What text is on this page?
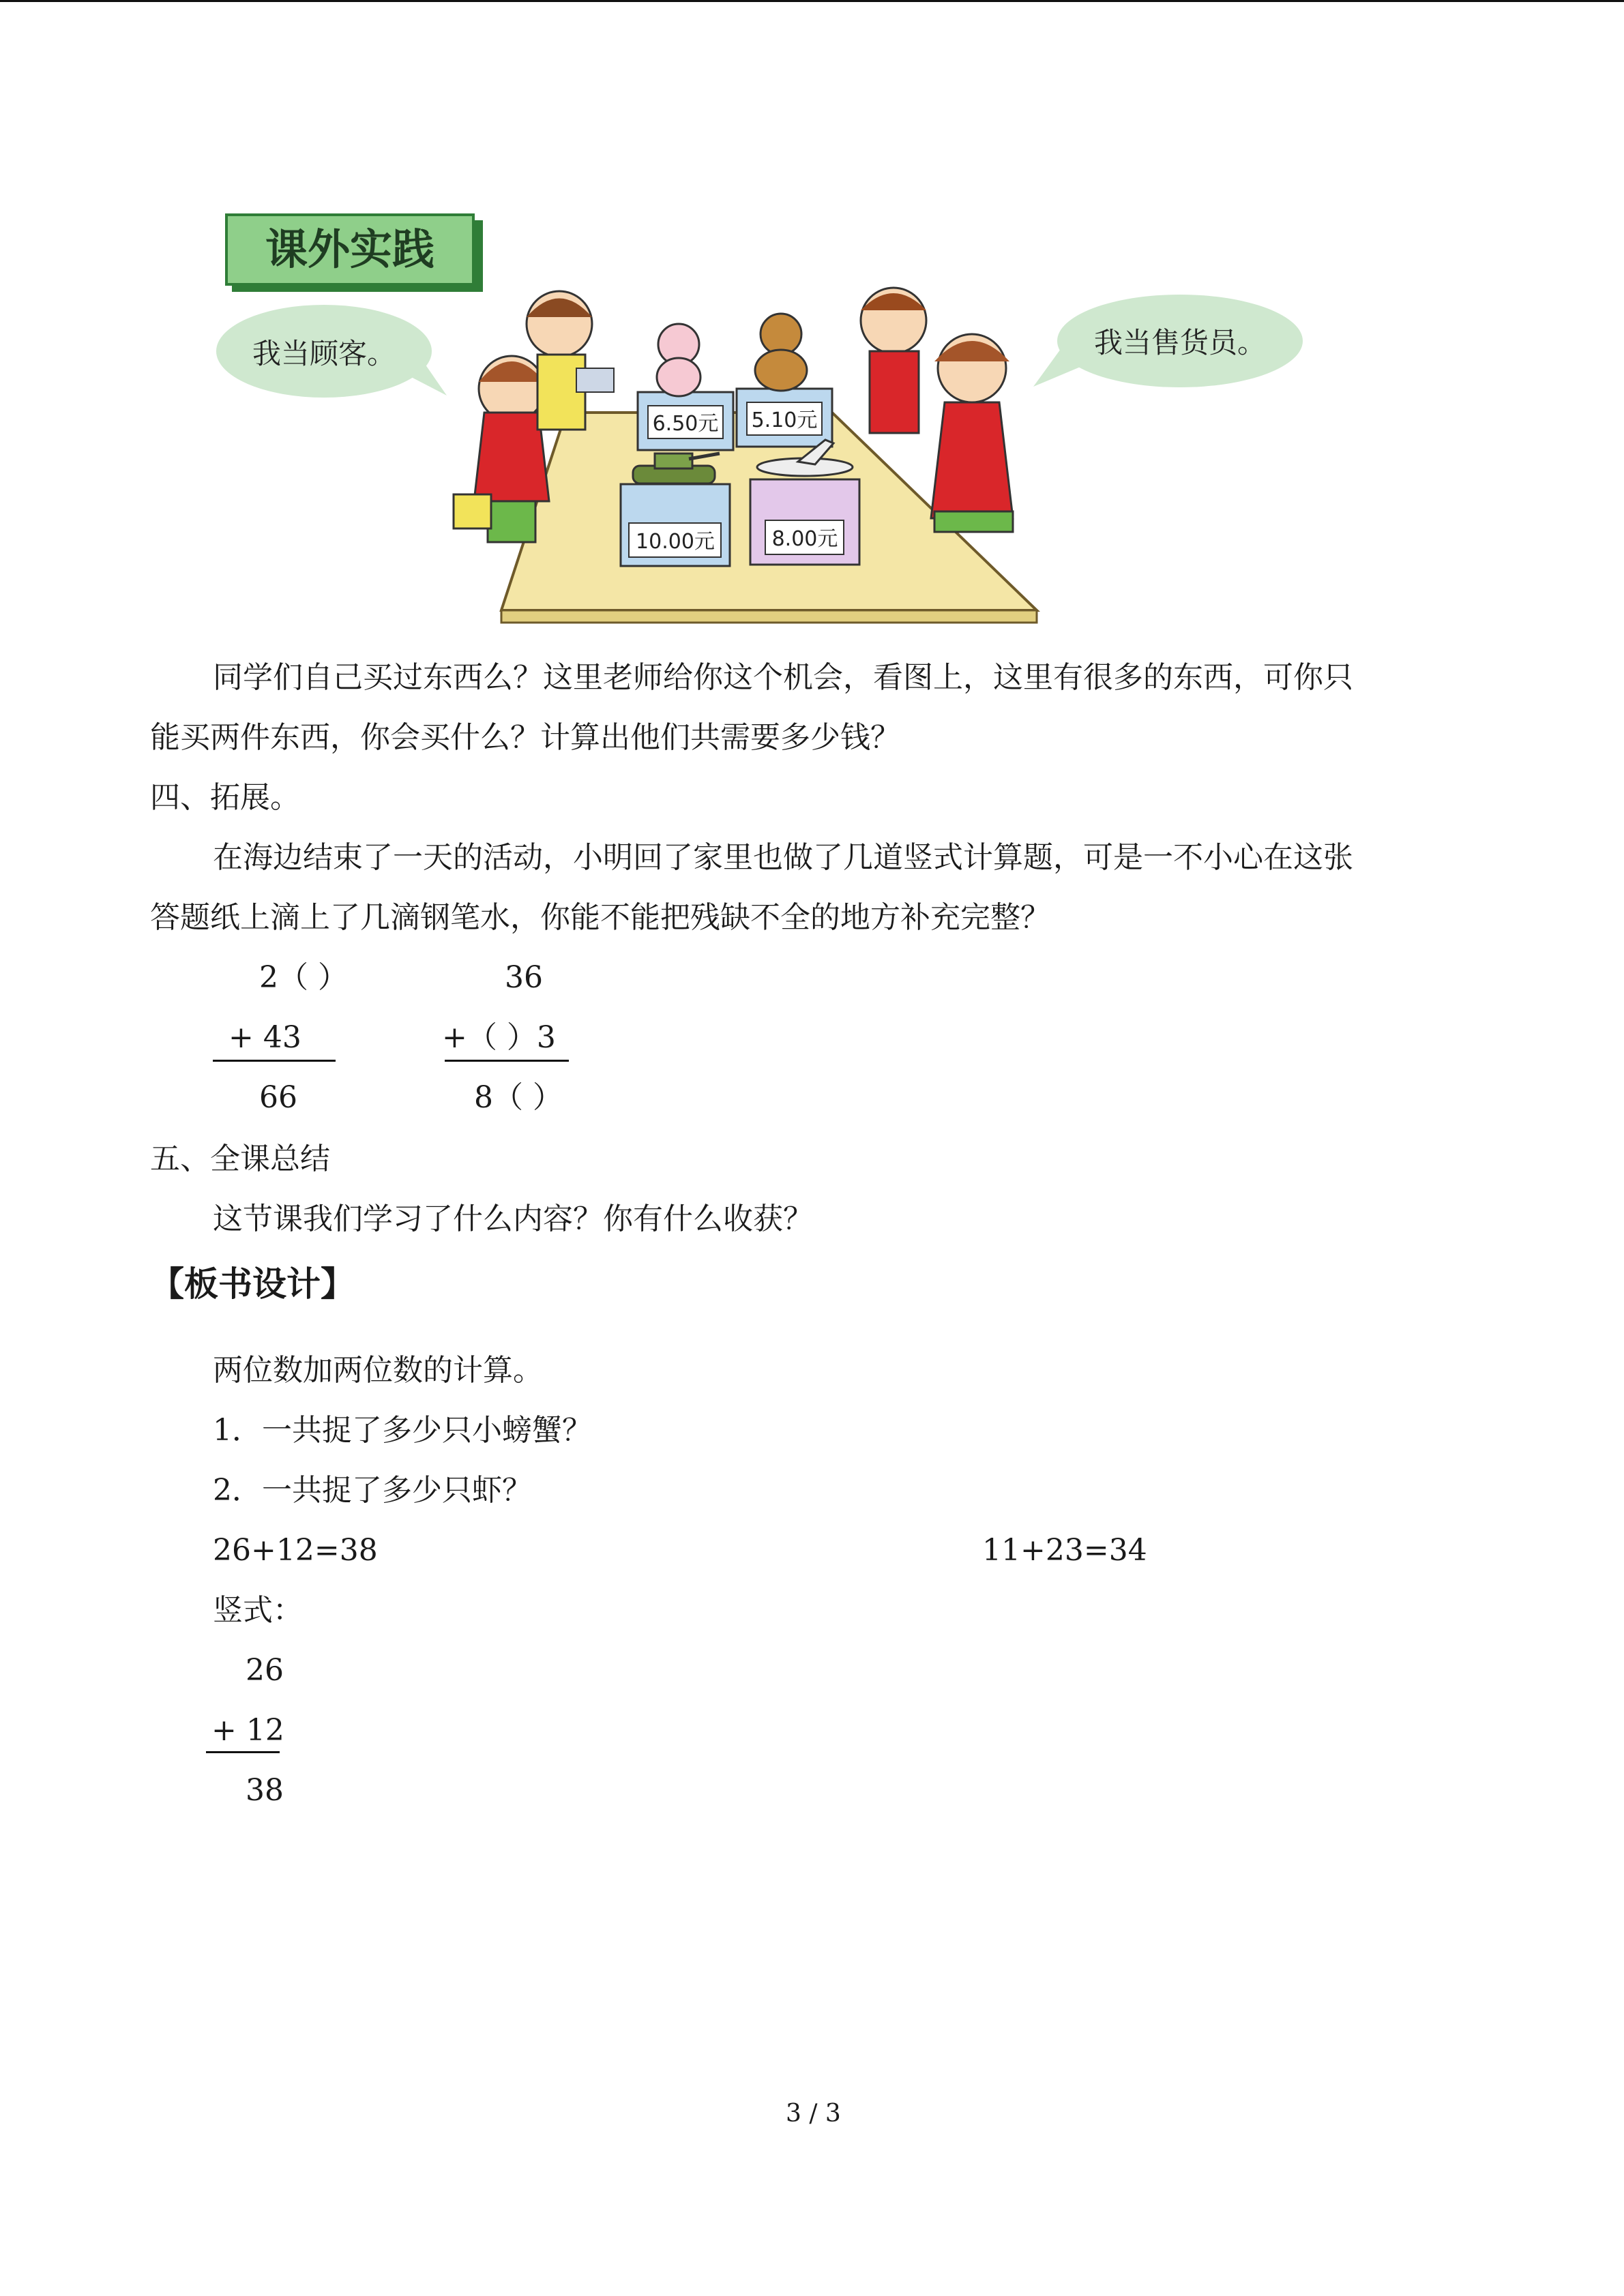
课外实践
我当顾客。	我当售货员。
6.50元 5.10元
10.00元	8.00元
同学们自己买过东西么？这里老师给你这个机会，看图上，这里有很多的东西，可你只
能买两件东西，你会买什么？计算出他们共需要多少钱？
四、拓展。
在海边结束了一天的活动，小明回了家里也做了几道竖式计算题，可是一不小心在这张
答题纸上滴上了几滴钢笔水，你能不能把残缺不全的地方补充完整？
2（ ）
+ 43
66
36
+（ ）3
8（ ）
五、全课总结
这节课我们学习了什么内容？你有什么收获？
【板书设计】
两位数加两位数的计算。
1．一共捉了多少只小螃蟹？
2．一共捉了多少只虾？
26+12=38	11+23=34
竖式：
26
+ 12
38
3 / 3
